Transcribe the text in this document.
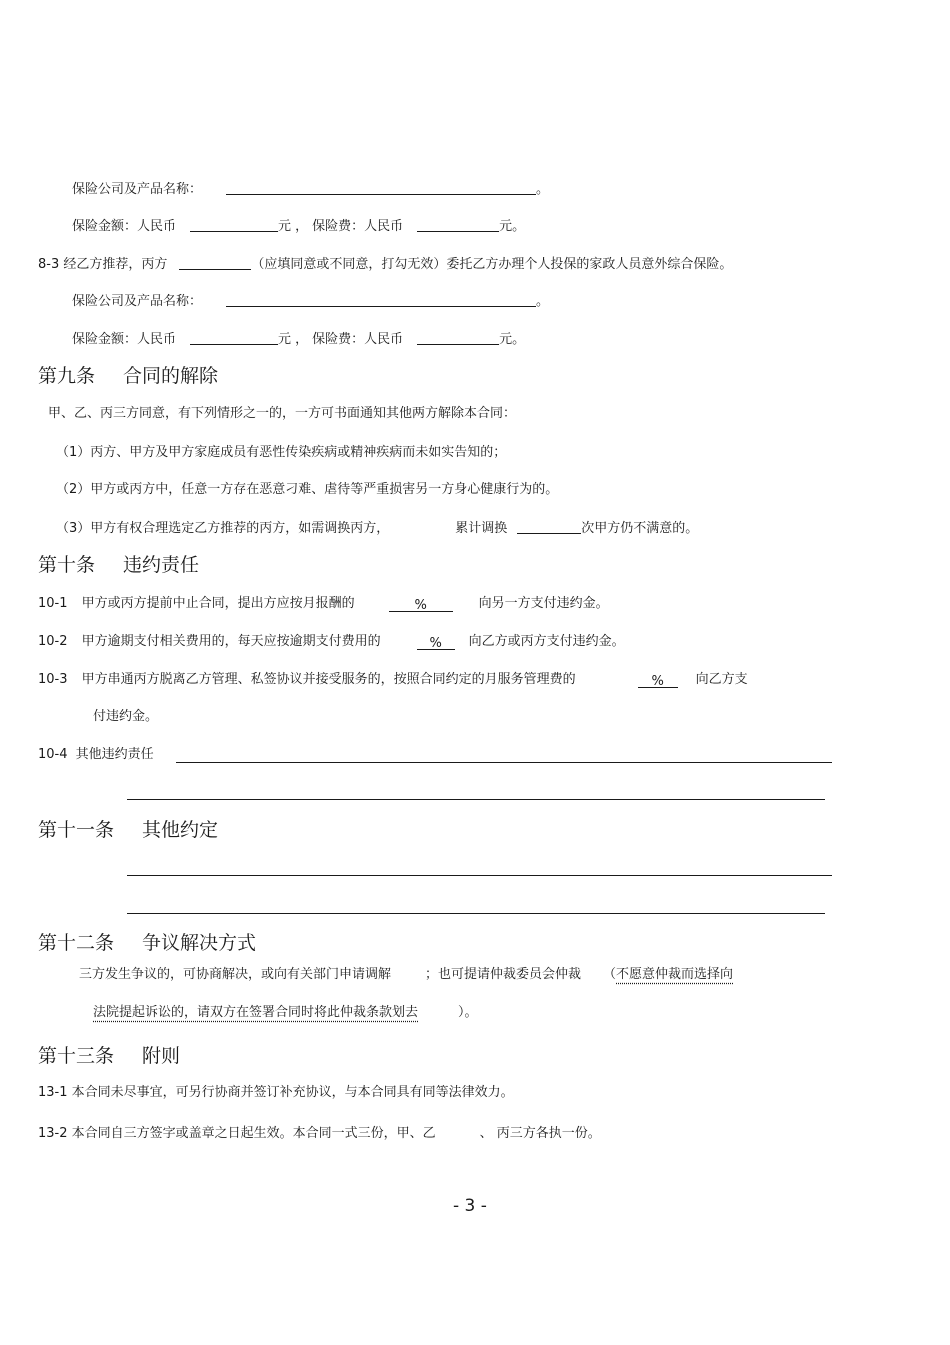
保险公司及产品名称：	。
保险金额：人民币	元 ， 保险费：人民币	元。
8-3 经乙方推荐，丙方	（应填同意或不同意，打勾无效）委托乙方办理个人投保的家政人员意外综合保险。
保险公司及产品名称：	。
保险金额：人民币	元 ， 保险费：人民币	元。
第九条 合同的解除
甲、乙、丙三方同意，有下列情形之一的，一方可书面通知其他两方解除本合同：
（1）丙方、甲方及甲方家庭成员有恶性传染疾病或精神疾病而未如实告知的；
（2）甲方或丙方中，任意一方存在恶意刁难、虐待等严重损害另一方身心健康行为的。
（3）甲方有权合理选定乙方推荐的丙方，如需调换丙方，	累计调换	次甲方仍不满意的。
第十条 违约责任
10-1 甲方或丙方提前中止合同，提出方应按月报酬的	%	向另一方支付违约金。
10-2 甲方逾期支付相关费用的，每天应按逾期支付费用的	% 向乙方或丙方支付违约金。
10-3 甲方串通丙方脱离乙方管理、私签协议并接受服务的，按照合同约定的月服务管理费的	% 向乙方支
付违约金。
10-4 其他违约责任
第十一条 其他约定
第十二条 争议解决方式
三方发生争议的，可协商解决，或向有关部门申请调解	；也可提请仲裁委员会仲裁 （不愿意仲裁而选择向
法院提起诉讼的，请双方在签署合同时将此仲裁条款划去	）。
第十三条 附则
13-1 本合同未尽事宜，可另行协商并签订补充协议，与本合同具有同等法律效力。
13-2 本合同自三方签字或盖章之日起生效。本合同一式三份，甲、乙	、 丙三方各执一份。
- 3 -
